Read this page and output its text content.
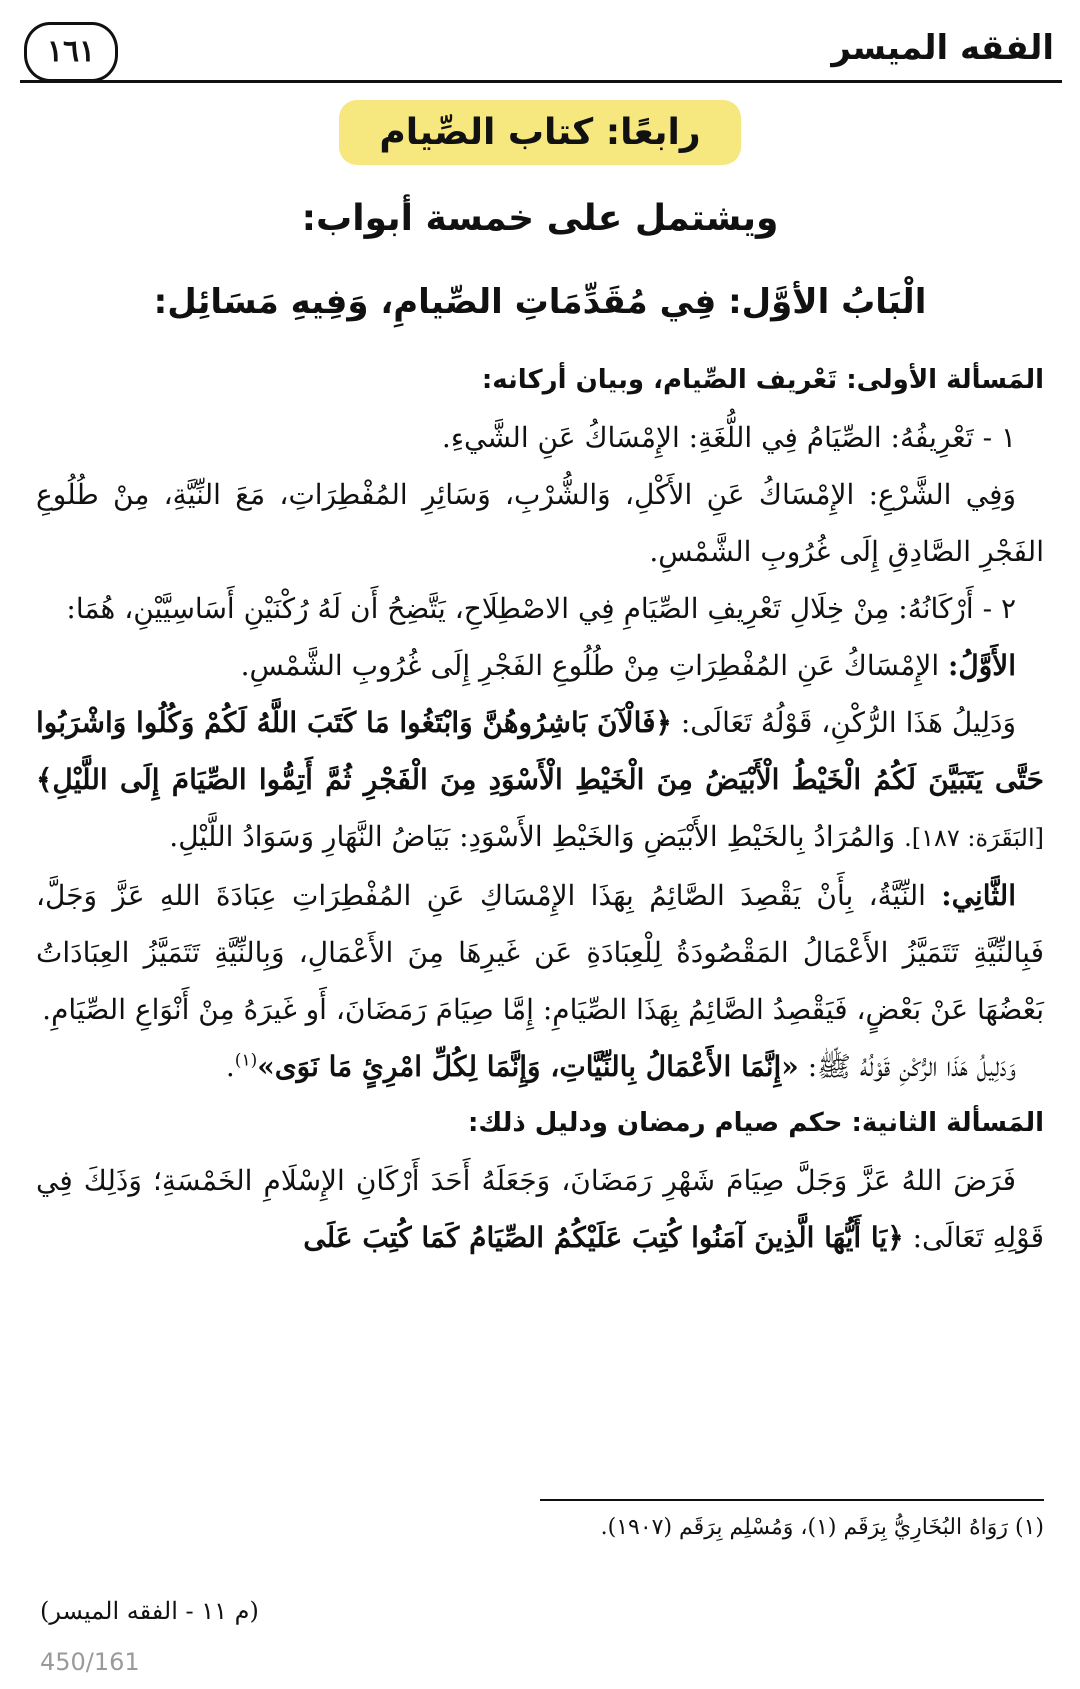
الفقه الميسر
١٦١
رابعًا: كتاب الصِّيام
ويشتمل على خمسة أبواب:
الْبَابُ الأوَّل: فِي مُقَدِّمَاتِ الصِّيامِ، وَفِيهِ مَسَائِل:

المَسألة الأولى: تَعْريف الصِّيام، وبيان أركانه:

١ - تَعْرِيفُهُ: الصِّيَامُ فِي اللُّغَةِ: الإِمْسَاكُ عَنِ الشَّيءِ.

وَفِي الشَّرْعِ: الإِمْسَاكُ عَنِ الأَكْلِ، وَالشُّرْبِ، وَسَائِرِ المُفْطِرَاتِ، مَعَ النِّيَّةِ، مِنْ طُلُوعِ الفَجْرِ الصَّادِقِ إِلَى غُرُوبِ الشَّمْسِ.

٢ - أَرْكَانُهُ: مِنْ خِلَالِ تَعْرِيفِ الصِّيَامِ فِي الاصْطِلَاحِ، يَتَّضِحُ أَن لَهُ رُكْنَيْنِ أَسَاسِيَّيْنِ، هُمَا:

الأَوَّلُ: الإِمْسَاكُ عَنِ المُفْطِرَاتِ مِنْ طُلُوعِ الفَجْرِ إِلَى غُرُوبِ الشَّمْسِ.

وَدَلِيلُ هَذَا الرُّكْنِ، قَوْلُهُ تَعَالَى: ﴿فَالْآنَ بَاشِرُوهُنَّ وَابْتَغُوا مَا كَتَبَ اللَّهُ لَكُمْ وَكُلُوا وَاشْرَبُوا حَتَّى يَتَبَيَّنَ لَكُمُ الْخَيْطُ الْأَبْيَضُ مِنَ الْخَيْطِ الْأَسْوَدِ مِنَ الْفَجْرِ ثُمَّ أَتِمُّوا الصِّيَامَ إِلَى اللَّيْلِ﴾ [البَقَرَة: ١٨٧]. وَالمُرَادُ بِالخَيْطِ الأَبْيَضِ وَالخَيْطِ الأَسْوَدِ: بَيَاضُ النَّهَارِ وَسَوَادُ اللَّيْلِ.

الثَّانِي: النِّيَّةُ، بِأَنْ يَقْصِدَ الصَّائِمُ بِهَذَا الإِمْسَاكِ عَنِ المُفْطِرَاتِ عِبَادَةَ اللهِ عَزَّ وَجَلَّ، فَبِالنِّيَّةِ تَتَمَيَّزُ الأَعْمَالُ المَقْصُودَةُ لِلْعِبَادَةِ عَن غَيرِهَا مِنَ الأَعْمَالِ، وَبِالنِّيَّةِ تَتَمَيَّزُ العِبَادَاتُ بَعْضُهَا عَنْ بَعْضٍ، فَيَقْصِدُ الصَّائِمُ بِهَذَا الصِّيَامِ: إِمَّا صِيَامَ رَمَضَانَ، أَو غَيرَهُ مِنْ أَنْوَاعِ الصِّيَامِ.

وَدَلِيلُ هَذَا الرُّكْنِ قَوْلُهُ ﷺ: «إِنَّمَا الأَعْمَالُ بِالنِّيَّاتِ، وَإِنَّمَا لِكُلِّ امْرِئٍ مَا نَوَى»$^{(١)}$.

المَسألة الثانية: حكم صيام رمضان ودليل ذلك:

فَرَضَ اللهُ عَزَّ وَجَلَّ صِيَامَ شَهْرِ رَمَضَانَ، وَجَعَلَهُ أَحَدَ أَرْكَانِ الإِسْلَامِ الخَمْسَةِ؛ وَذَلِكَ فِي قَوْلِهِ تَعَالَى: ﴿يَا أَيُّهَا الَّذِينَ آمَنُوا كُتِبَ عَلَيْكُمُ الصِّيَامُ كَمَا كُتِبَ عَلَى

(١) رَوَاهُ البُخَارِيُّ بِرَقَم (١)، وَمُسْلِم بِرَقَم (١٩٠٧).
(م ١١ - الفقه الميسر)
450/161
